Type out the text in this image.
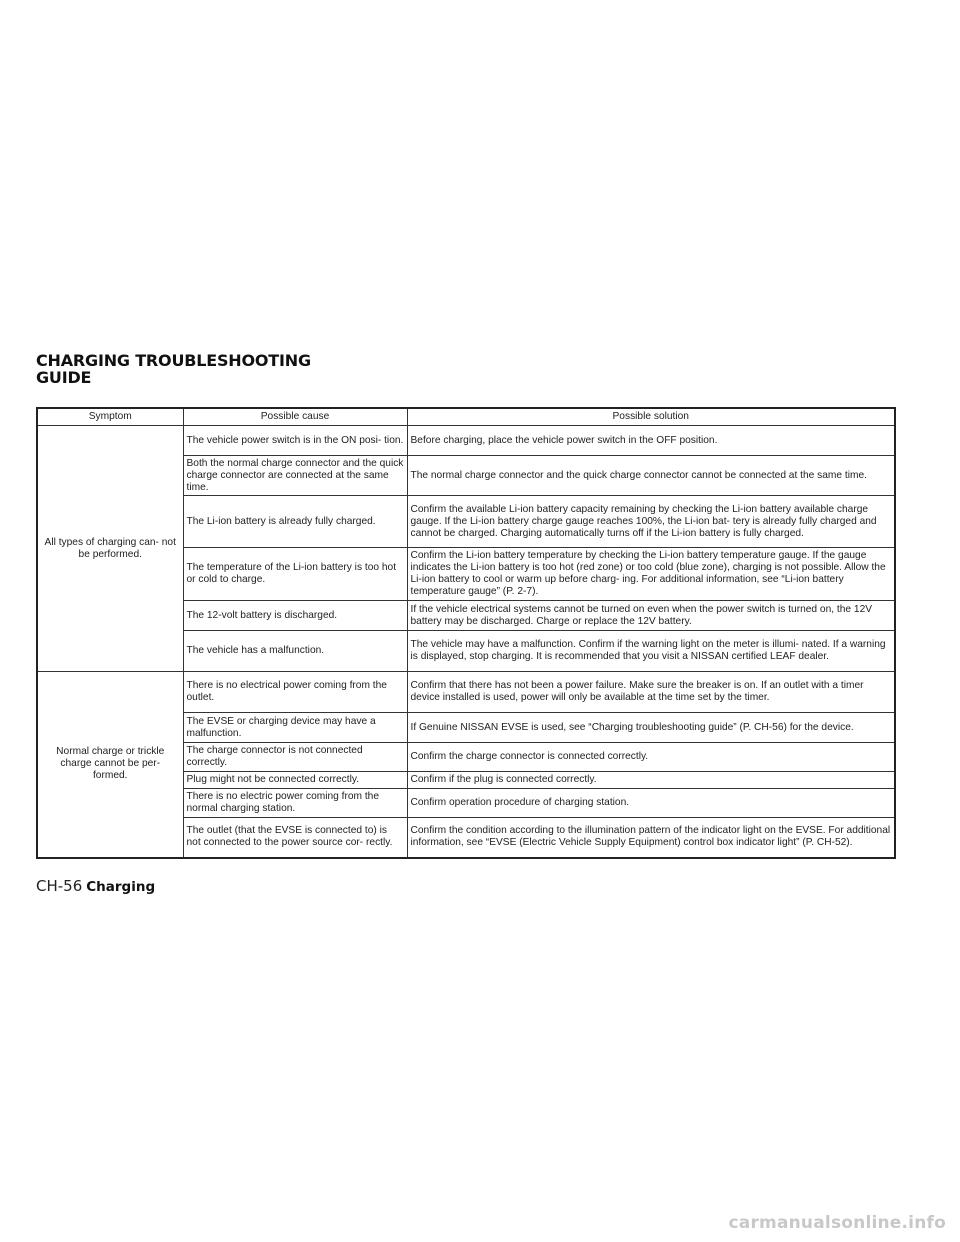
CHARGING TROUBLESHOOTING
GUIDE
Symptom	Possible cause	Possible solution
All types of charging can- not be performed.	The vehicle power switch is in the ON posi- tion.	Before charging, place the vehicle power switch in the OFF position.
	Both the normal charge connector and the quick charge connector are connected at the same time.	The normal charge connector and the quick charge connector cannot be connected at the same time.
	The Li-ion battery is already fully charged.	Confirm the available Li-ion battery capacity remaining by checking the Li-ion battery available charge gauge. If the Li-ion battery charge gauge reaches 100%, the Li-ion bat- tery is already fully charged and cannot be charged. Charging automatically turns off if the Li-ion battery is fully charged.
	The temperature of the Li-ion battery is too hot or cold to charge.	Confirm the Li-ion battery temperature by checking the Li-ion battery temperature gauge. If the gauge indicates the Li-ion battery is too hot (red zone) or too cold (blue zone), charging is not possible. Allow the Li-ion battery to cool or warm up before charg- ing. For additional information, see “Li-ion battery temperature gauge” (P. 2-7).
	The 12-volt battery is discharged.	If the vehicle electrical systems cannot be turned on even when the power switch is turned on, the 12V battery may be discharged. Charge or replace the 12V battery.
	The vehicle has a malfunction.	The vehicle may have a malfunction. Confirm if the warning light on the meter is illumi- nated. If a warning is displayed, stop charging. It is recommended that you visit a NISSAN certified LEAF dealer.
Normal charge or trickle charge cannot be per- formed.	There is no electrical power coming from the outlet.	Confirm that there has not been a power failure. Make sure the breaker is on. If an outlet with a timer device installed is used, power will only be available at the time set by the timer.
	The EVSE or charging device may have a malfunction.	If Genuine NISSAN EVSE is used, see “Charging troubleshooting guide” (P. CH-56) for the device.
	The charge connector is not connected correctly.	Confirm the charge connector is connected correctly.
	Plug might not be connected correctly.	Confirm if the plug is connected correctly.
	There is no electric power coming from the normal charging station.	Confirm operation procedure of charging station.
	The outlet (that the EVSE is connected to) is not connected to the power source cor- rectly.	Confirm the condition according to the illumination pattern of the indicator light on the EVSE. For additional information, see “EVSE (Electric Vehicle Supply Equipment) control box indicator light” (P. CH-52).
CH-56 Charging
carmanualsonline.info
